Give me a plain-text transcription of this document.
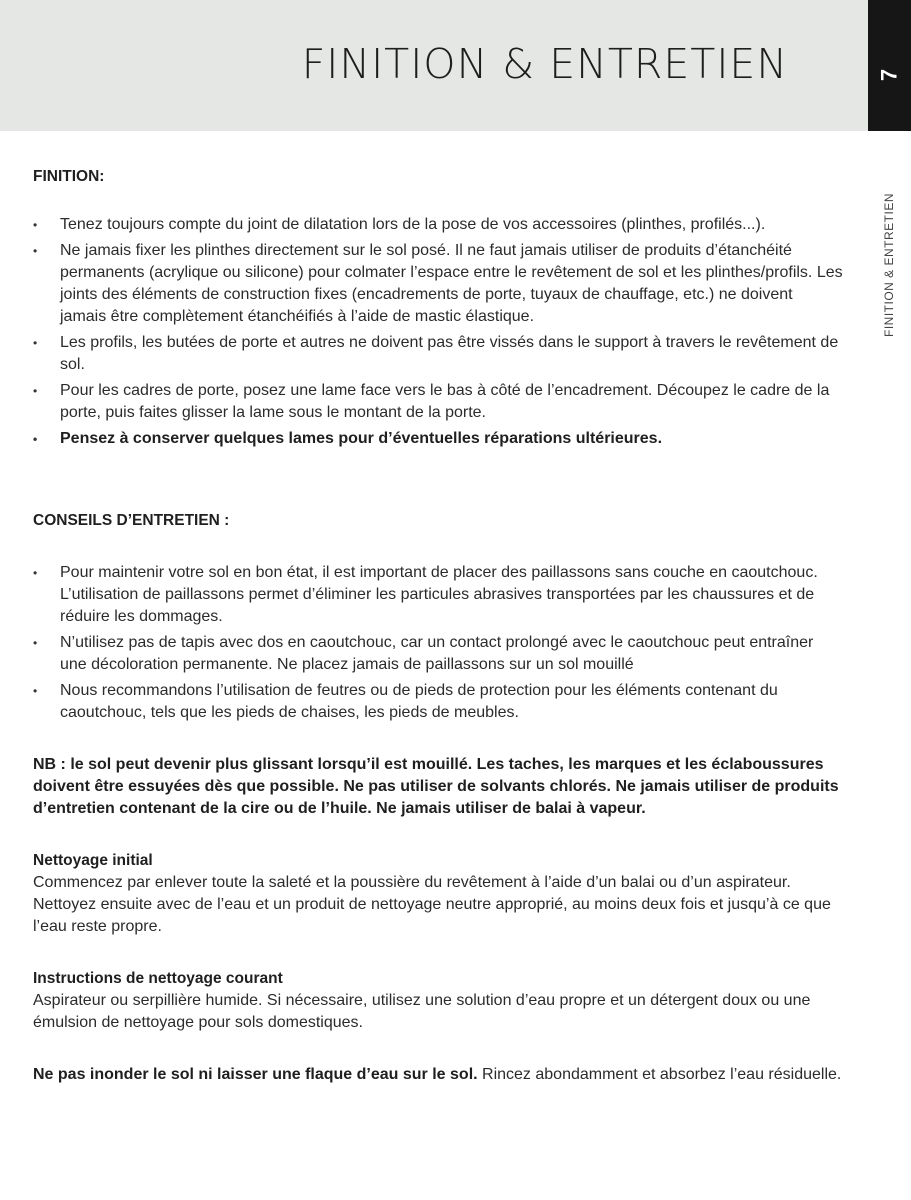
FINITION & ENTRETIEN	7
FINITION & ENTRETIEN
FINITION:
• Tenez toujours compte du joint de dilatation lors de la pose de vos accessoires (plinthes, profilés...).
• Ne jamais fixer les plinthes directement sur le sol posé. Il ne faut jamais utiliser de produits d’étanchéité permanents (acrylique ou silicone) pour colmater l’espace entre le revêtement de sol et les plinthes/profils. Les joints des éléments de construction fixes (encadrements de porte, tuyaux de chauffage, etc.) ne doivent jamais être complètement étanchéifiés à l’aide de mastic élastique.
• Les profils, les butées de porte et autres ne doivent pas être vissés dans le support à travers le revêtement de sol.
• Pour les cadres de porte, posez une lame face vers le bas à côté de l’encadrement. Découpez le cadre de la porte, puis faites glisser la lame sous le montant de la porte.
• Pensez à conserver quelques lames pour d’éventuelles réparations ultérieures.
CONSEILS D’ENTRETIEN :
• Pour maintenir votre sol en bon état, il est important de placer des paillassons sans couche en caoutchouc. L’utilisation de paillassons permet d’éliminer les particules abrasives transportées par les chaussures et de réduire les dommages.
• N’utilisez pas de tapis avec dos en caoutchouc, car un contact prolongé avec le caoutchouc peut entraîner une décoloration permanente. Ne placez jamais de paillassons sur un sol mouillé
• Nous recommandons l’utilisation de feutres ou de pieds de protection pour les éléments contenant du caoutchouc, tels que les pieds de chaises, les pieds de meubles.

NB : le sol peut devenir plus glissant lorsqu’il est mouillé. Les taches, les marques et les éclaboussures doivent être essuyées dès que possible. Ne pas utiliser de solvants chlorés. Ne jamais utiliser de produits d’entretien contenant de la cire ou de l’huile. Ne jamais utiliser de balai à vapeur.

Nettoyage initial

Commencez par enlever toute la saleté et la poussière du revêtement à l’aide d’un balai ou d’un aspirateur. Nettoyez ensuite avec de l’eau et un produit de nettoyage neutre approprié, au moins deux fois et jusqu’à ce que l’eau reste propre.

Instructions de nettoyage courant

Aspirateur ou serpillière humide. Si nécessaire, utilisez une solution d’eau propre et un détergent doux ou une émulsion de nettoyage pour sols domestiques.

Ne pas inonder le sol ni laisser une flaque d’eau sur le sol. Rincez abondamment et absorbez l’eau résiduelle.
